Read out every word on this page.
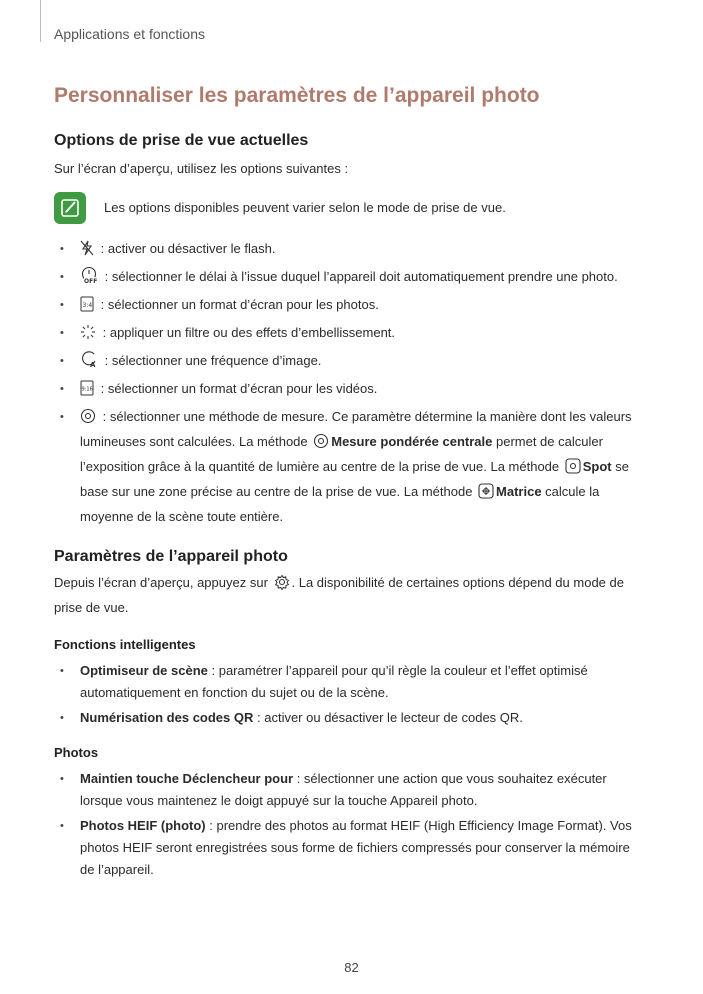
Applications et fonctions
Personnaliser les paramètres de l’appareil photo
Options de prise de vue actuelles

Sur l’écran d’aperçu, utilisez les options suivantes :

Les options disponibles peuvent varier selon le mode de prise de vue.

• : activer ou désactiver le flash.
• OFF : sélectionner le délai à l’issue duquel l’appareil doit automatiquement prendre une photo.
• 3:4 : sélectionner un format d’écran pour les photos.
• : appliquer un filtre ou des effets d’embellissement.
• A : sélectionner une fréquence d’image.
• 9:16 : sélectionner un format d’écran pour les vidéos.
• : sélectionner une méthode de mesure. Ce paramètre détermine la manière dont les valeurs lumineuses sont calculées. La méthode Mesure pondérée centrale permet de calculer l’exposition grâce à la quantité de lumière au centre de la prise de vue. La méthode Spot se base sur une zone précise au centre de la prise de vue. La méthode Matrice calcule la moyenne de la scène toute entière.
Paramètres de l’appareil photo

Depuis l’écran d’aperçu, appuyez sur . La disponibilité de certaines options dépend du mode de prise de vue.

Fonctions intelligentes
• Optimiseur de scène : paramétrer l’appareil pour qu’il règle la couleur et l’effet optimisé automatiquement en fonction du sujet ou de la scène.
• Numérisation des codes QR : activer ou désactiver le lecteur de codes QR.
Photos
• Maintien touche Déclencheur pour : sélectionner une action que vous souhaitez exécuter lorsque vous maintenez le doigt appuyé sur la touche Appareil photo.
• Photos HEIF (photo) : prendre des photos au format HEIF (High Efficiency Image Format). Vos photos HEIF seront enregistrées sous forme de fichiers compressés pour conserver la mémoire de l’appareil.
82
